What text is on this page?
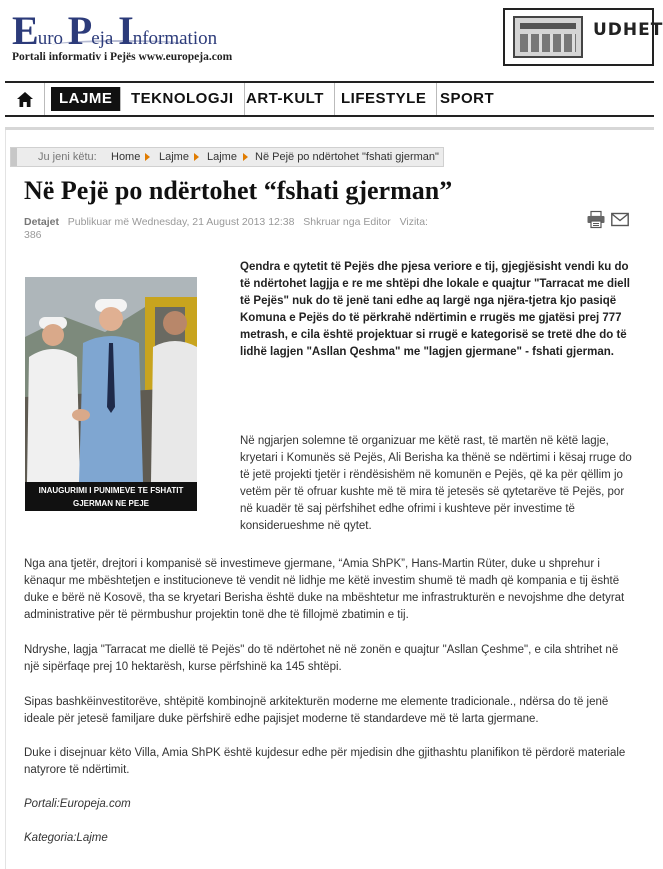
Euro Peja Information
Portali informativ i Pejës www.europeja.com
UDHET
LAJME	TEKNOLOGJI ART-KULT	LIFESTYLE SPORT
Ju jeni këtu: Home Lajme Lajme Në Pejë po ndërtohet "fshati gjerman"
Në Pejë po ndërtohet “fshati gjerman”
Detajet Publikuar më Wednesday, 21 August 2013 12:38 Shkruar nga Editor Vizita:
386
INAUGURIMI I PUNIMEVE TE FSHATIT GJERMAN NE PEJE

Qendra e qytetit të Pejës dhe pjesa veriore e tij, gjegjësisht vendi ku do të ndërtohet lagjja e re me shtëpi dhe lokale e quajtur "Tarracat me diell të Pejës" nuk do të jenë tani edhe aq largë nga njëra-tjetra kjo pasiqë Komuna e Pejës do të përkrahë ndërtimin e rrugës me gjatësi prej 777 metrash, e cila është projektuar si rrugë e kategorisë se tretë dhe do të lidhë lagjen "Asllan Qeshma" me "lagjen gjermane" - fshati gjerman.

Në ngjarjen solemne të organizuar me këtë rast, të martën në këtë lagje, kryetari i Komunës së Pejës, Ali Berisha ka thënë se ndërtimi i kësaj rruge do të jetë projekti tjetër i rëndësishëm në komunën e Pejës, që ka për qëllim jo vetëm për të ofruar kushte më të mira të jetesës së qytetarëve të Pejës, por në kuadër të saj përfshihet edhe ofrimi i kushteve për investime të konsiderueshme në qytet.

Nga ana tjetër, drejtori i kompanisë së investimeve gjermane, “Amia ShPK”, Hans-Martin Rüter, duke u shprehur i kënaqur me mbështetjen e institucioneve të vendit në lidhje me këtë investim shumë të madh që kompania e tij është duke e bërë në Kosovë, tha se kryetari Berisha është duke na mbështetur me infrastrukturën e nevojshme dhe detyrat administrative për të përmbushur projektin tonë dhe të fillojmë zbatimin e tij.

Ndryshe, lagja "Tarracat me diellë të Pejës" do të ndërtohet në në zonën e quajtur "Asllan Çeshme", e cila shtrihet në një sipërfaqe prej 10 hektarësh, kurse përfshinë ka 145 shtëpi.

Sipas bashkëinvestitorëve, shtëpitë kombinojnë arkitekturën moderne me elemente tradicionale., ndërsa do të jenë ideale për jetesë familjare duke përfshirë edhe pajisjet moderne të standardeve më të larta gjermane.

Duke i disejnuar këto Villa, Amia ShPK është kujdesur edhe për mjedisin dhe gjithashtu planifikon të përdorë materiale natyrore të ndërtimit.

Portali:Europeja.com

Kategoria:Lajme
